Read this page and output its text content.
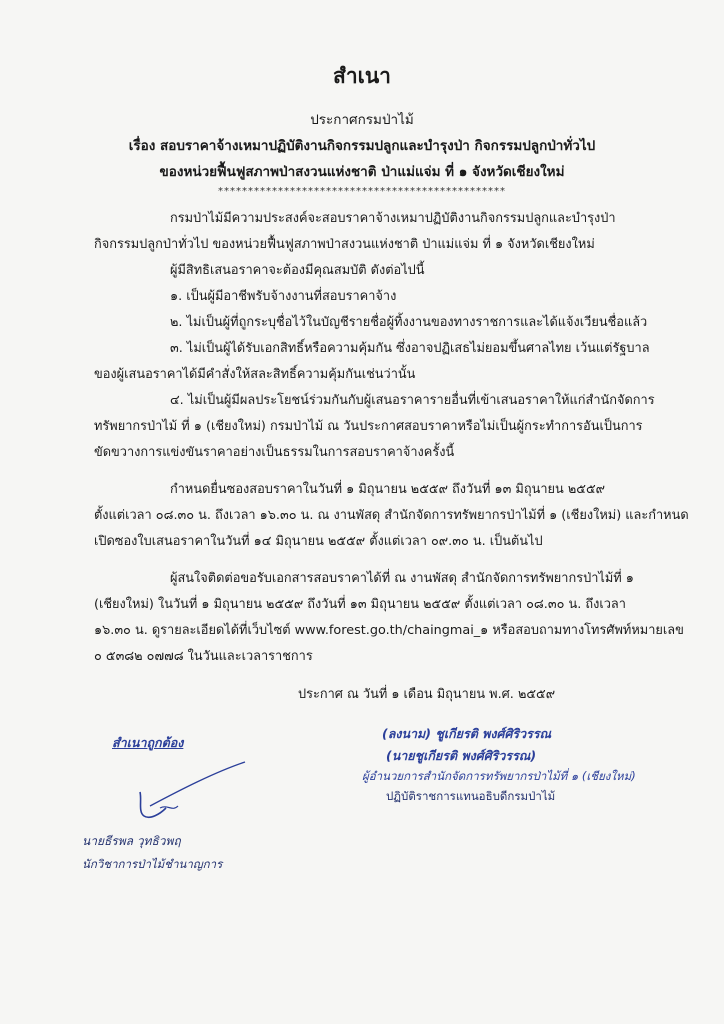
สำเนา
ประกาศกรมป่าไม้
เรื่อง สอบราคาจ้างเหมาปฏิบัติงานกิจกรรมปลูกและบำรุงป่า กิจกรรมปลูกป่าทั่วไป
ของหน่วยฟื้นฟูสภาพป่าสงวนแห่งชาติ ป่าแม่แจ่ม ที่ ๑ จังหวัดเชียงใหม่
************************************************
กรมป่าไม้มีความประสงค์จะสอบราคาจ้างเหมาปฏิบัติงานกิจกรรมปลูกและบำรุงป่า
กิจกรรมปลูกป่าทั่วไป ของหน่วยฟื้นฟูสภาพป่าสงวนแห่งชาติ ป่าแม่แจ่ม ที่ ๑ จังหวัดเชียงใหม่
ผู้มีสิทธิเสนอราคาจะต้องมีคุณสมบัติ ดังต่อไปนี้
๑. เป็นผู้มีอาชีพรับจ้างงานที่สอบราคาจ้าง
๒. ไม่เป็นผู้ที่ถูกระบุชื่อไว้ในบัญชีรายชื่อผู้ทิ้งงานของทางราชการและได้แจ้งเวียนชื่อแล้ว
๓. ไม่เป็นผู้ได้รับเอกสิทธิ์หรือความคุ้มกัน ซึ่งอาจปฏิเสธไม่ยอมขึ้นศาลไทย เว้นแต่รัฐบาล
ของผู้เสนอราคาได้มีคำสั่งให้สละสิทธิ์ความคุ้มกันเช่นว่านั้น
๔. ไม่เป็นผู้มีผลประโยชน์ร่วมกันกับผู้เสนอราคารายอื่นที่เข้าเสนอราคาให้แก่สำนักจัดการ
ทรัพยากรป่าไม้ ที่ ๑ (เชียงใหม่) กรมป่าไม้ ณ วันประกาศสอบราคาหรือไม่เป็นผู้กระทำการอันเป็นการ
ขัดขวางการแข่งขันราคาอย่างเป็นธรรมในการสอบราคาจ้างครั้งนี้
กำหนดยื่นซองสอบราคาในวันที่ ๑ มิถุนายน ๒๕๕๙ ถึงวันที่ ๑๓ มิถุนายน ๒๕๕๙
ตั้งแต่เวลา ๐๘.๓๐ น. ถึงเวลา ๑๖.๓๐ น. ณ งานพัสดุ สำนักจัดการทรัพยากรป่าไม้ที่ ๑ (เชียงใหม่) และกำหนด
เปิดซองใบเสนอราคาในวันที่ ๑๔ มิถุนายน ๒๕๕๙ ตั้งแต่เวลา ๐๙.๓๐ น. เป็นต้นไป
ผู้สนใจติดต่อขอรับเอกสารสอบราคาได้ที่ ณ งานพัสดุ สำนักจัดการทรัพยากรป่าไม้ที่ ๑
(เชียงใหม่) ในวันที่ ๑ มิถุนายน ๒๕๕๙ ถึงวันที่ ๑๓ มิถุนายน ๒๕๕๙ ตั้งแต่เวลา ๐๘.๓๐ น. ถึงเวลา
๑๖.๓๐ น. ดูรายละเอียดได้ที่เว็บไซต์ www.forest.go.th/chaingmai_๑ หรือสอบถามทางโทรศัพท์หมายเลข
๐ ๕๓๘๒ ๐๗๗๘ ในวันและเวลาราชการ
ประกาศ ณ วันที่ ๑ เดือน มิถุนายน พ.ศ. ๒๕๕๙
(ลงนาม) ชูเกียรติ พงศ์ศิริวรรณ
(นายชูเกียรติ พงศ์ศิริวรรณ)
ผู้อำนวยการสำนักจัดการทรัพยากรป่าไม้ที่ ๑ (เชียงใหม่)
ปฏิบัติราชการแทนอธิบดีกรมป่าไม้
สำเนาถูกต้อง
นายธีรพล วุทธิวพฤ
นักวิชาการป่าไม้ชำนาญการ
